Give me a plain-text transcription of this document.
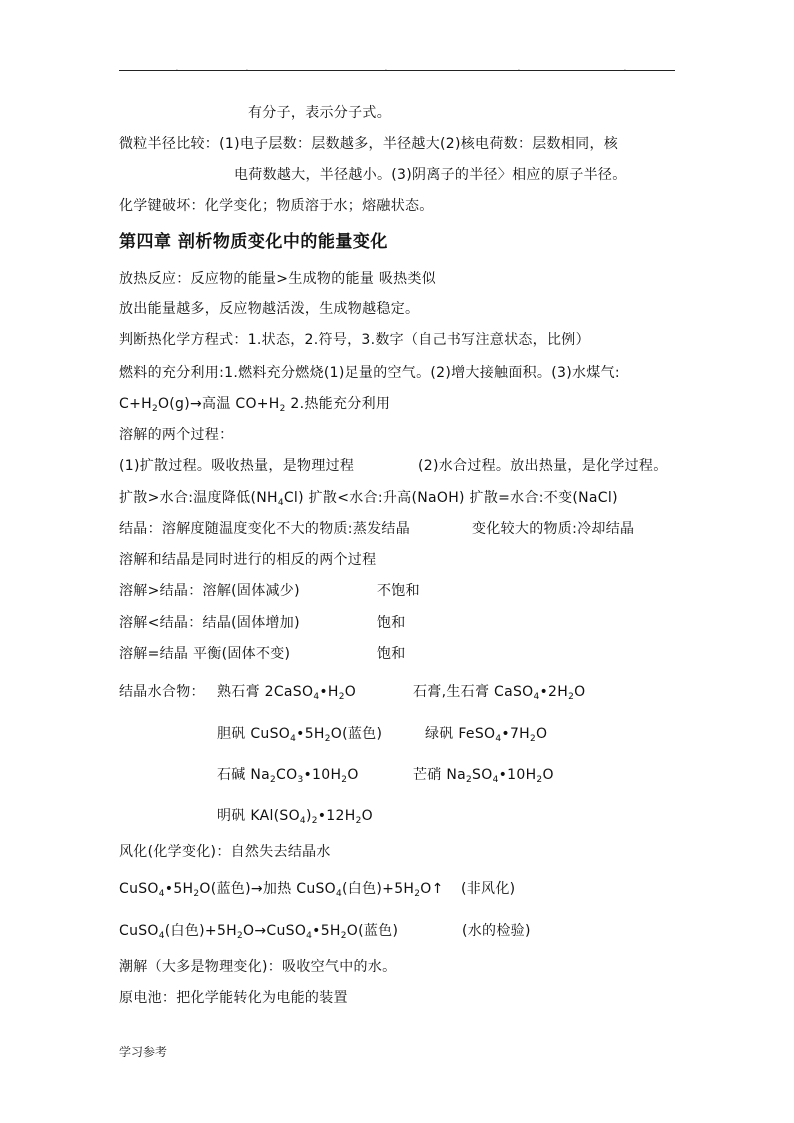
.	.	.	.	.
有分子，表示分子式。
微粒半径比较：(1)电子层数：层数越多，半径越大(2)核电荷数：层数相同，核
电荷数越大，半径越小。(3)阴离子的半径〉相应的原子半径。
化学键破坏：化学变化；物质溶于水；熔融状态。
第四章 剖析物质变化中的能量变化
放热反应：反应物的能量>生成物的能量 吸热类似
放出能量越多，反应物越活泼，生成物越稳定。
判断热化学方程式：1.状态，2.符号，3.数字（自己书写注意状态，比例）
燃料的充分利用:1.燃料充分燃烧(1)足量的空气。(2)增大接触面积。(3)水煤气:
$C+H_2O(g)\to$高温 $CO+H_2$ 2.热能充分利用
溶解的两个过程：
(1)扩散过程。吸收热量，是物理过程	(2)水合过程。放出热量，是化学过程。
扩散>水合:温度降低$(NH_4Cl)$ 扩散<水合:升高(NaOH) 扩散=水合:不变(NaCl)
结晶：溶解度随温度变化不大的物质:蒸发结晶	变化较大的物质:冷却结晶
溶解和结晶是同时进行的相反的两个过程
溶解>结晶：溶解(固体减少)	不饱和
溶解<结晶：结晶(固体增加)	饱和
溶解=结晶 平衡(固体不变)	饱和
结晶水合物： 熟石膏 $2CaSO_4•H_2O$	石膏,生石膏 $CaSO_4•2H_2O$
胆矾 $CuSO_4•5H_2O$(蓝色)	绿矾 $FeSO_4•7H_2O$
石碱 $Na_2CO_3•10H_2O$	芒硝 $Na_2SO_4•10H_2O$
明矾 $KAl(SO_4)_2•12H_2O$
风化(化学变化)：自然失去结晶水
$CuSO_4•5H_2O$(蓝色)→加热 CuSO$_4$(白色)$+5H_2O↑$ (非风化)
CuSO$_4$(白色)$+5H_2O\to CuSO_4•5H_2O$(蓝色)	(水的检验)
潮解（大多是物理变化)：吸收空气中的水。
原电池：把化学能转化为电能的装置
学习参考
